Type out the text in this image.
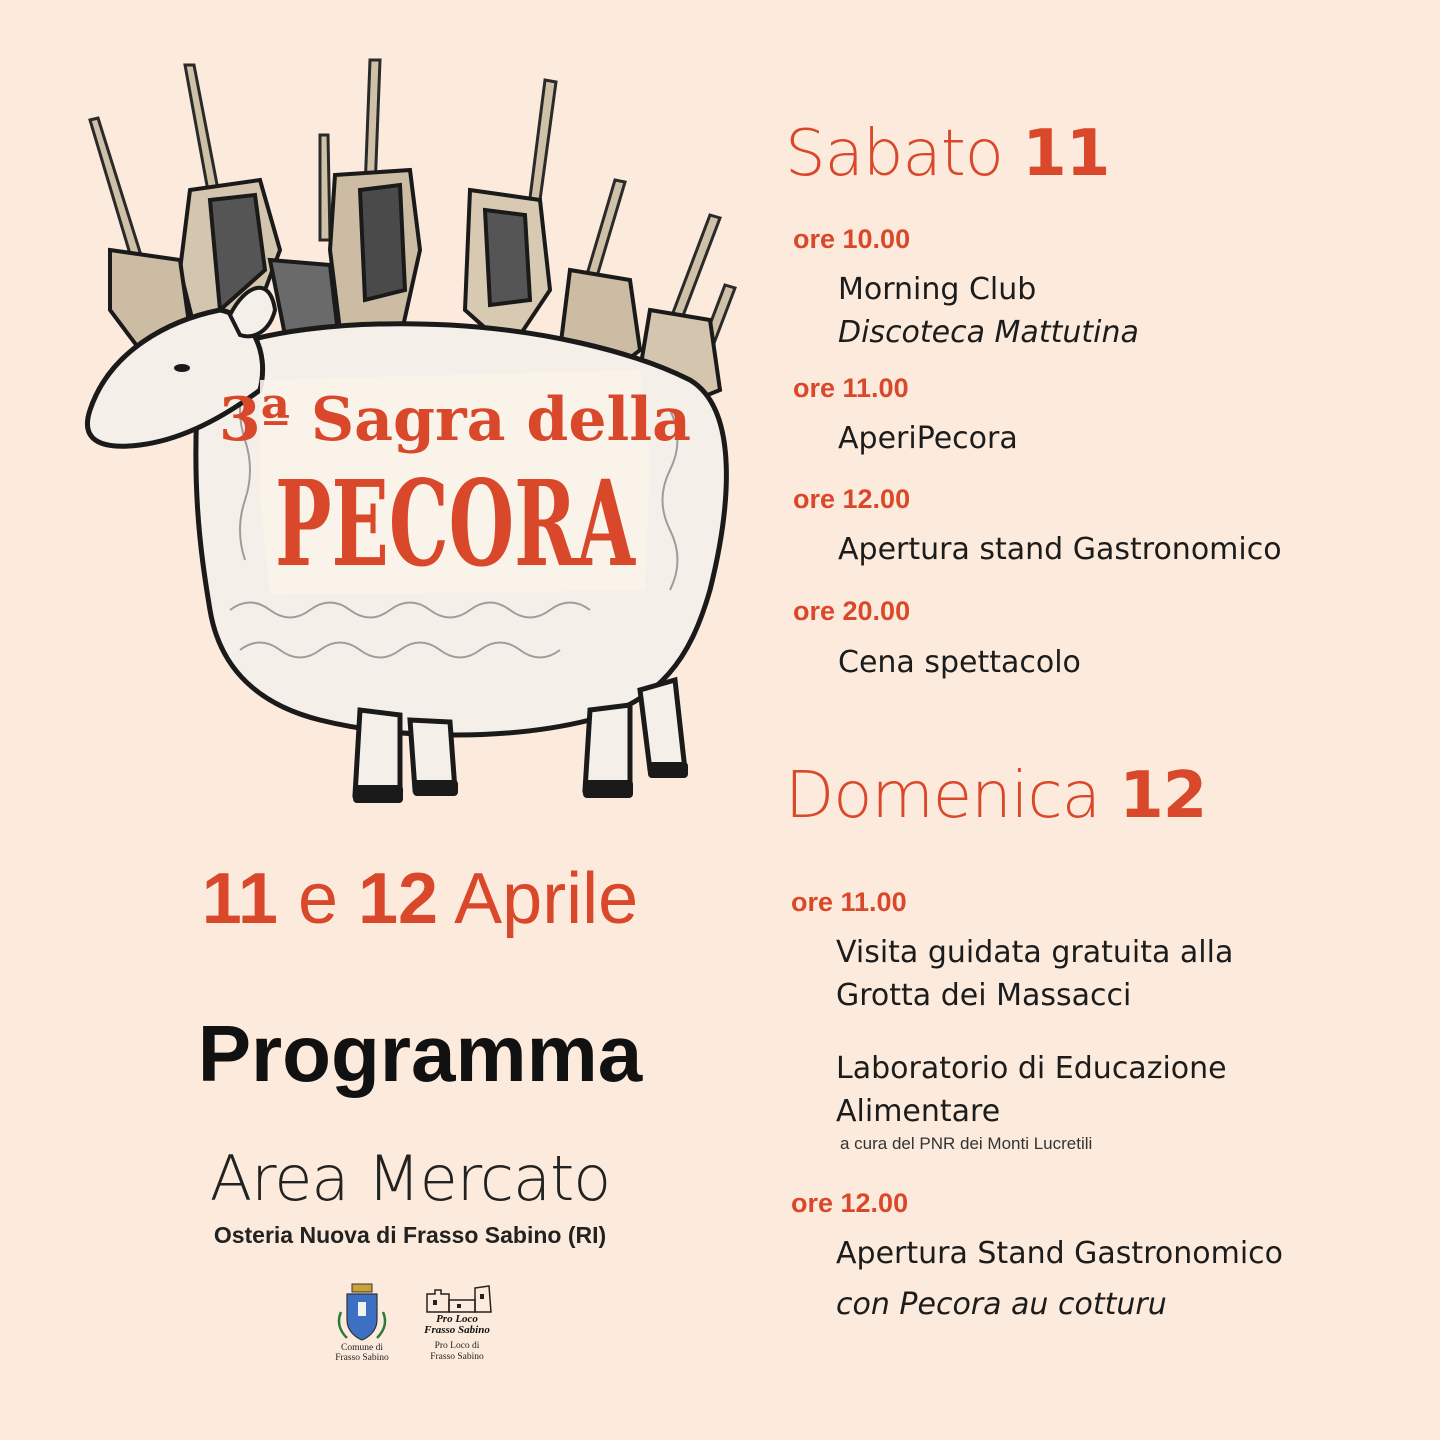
3ª Sagra della
PECORA
11 e 12 Aprile
Programma
Area Mercato
Osteria Nuova di Frasso Sabino (RI)
Comune di
Frasso Sabino
Pro Loco
Frasso Sabino
Pro Loco di
Frasso Sabino
Sabato 11
ore 10.00
Morning Club
Discoteca Mattutina
ore 11.00
AperiPecora
ore 12.00
Apertura stand Gastronomico
ore 20.00
Cena spettacolo
Domenica 12
ore 11.00
Visita guidata gratuita alla
Grotta dei Massacci
Laboratorio di Educazione
Alimentare
a cura del PNR dei Monti Lucretili
ore 12.00
Apertura Stand Gastronomico
con Pecora au cotturu
